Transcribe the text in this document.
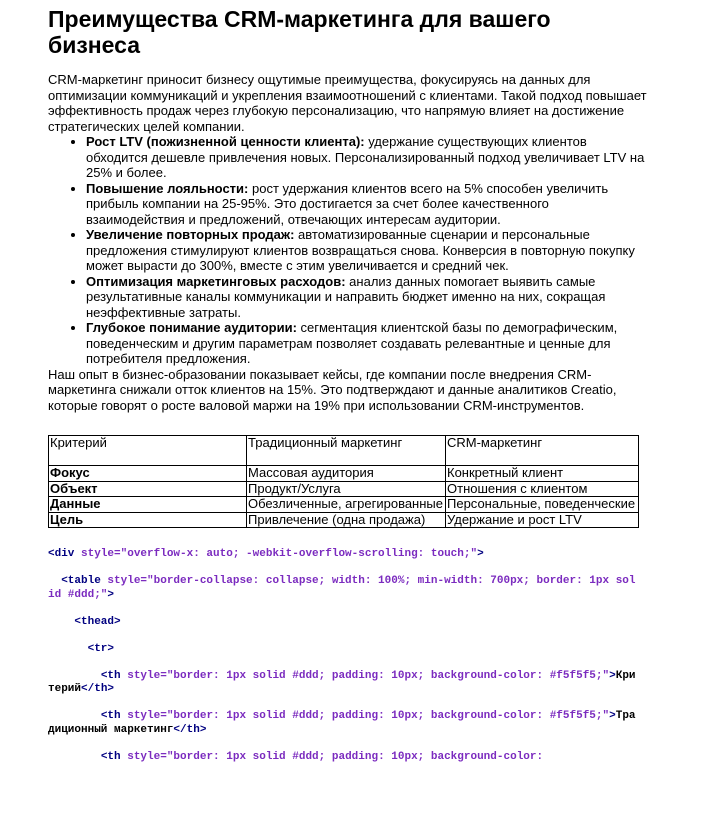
Преимущества CRM-маркетинга для вашего бизнеса

CRM-маркетинг приносит бизнесу ощутимые преимущества, фокусируясь на данных для оптимизации коммуникаций и укрепления взаимоотношений с клиентами. Такой подход повышает эффективность продаж через глубокую персонализацию, что напрямую влияет на достижение стратегических целей компании.

• Рост LTV (пожизненной ценности клиента): удержание существующих клиентов обходится дешевле привлечения новых. Персонализированный подход увеличивает LTV на 25% и более.
• Повышение лояльности: рост удержания клиентов всего на 5% способен увеличить прибыль компании на 25-95%. Это достигается за счет более качественного взаимодействия и предложений, отвечающих интересам аудитории.
• Увеличение повторных продаж: автоматизированные сценарии и персональные предложения стимулируют клиентов возвращаться снова. Конверсия в повторную покупку может вырасти до 300%, вместе с этим увеличивается и средний чек.
• Оптимизация маркетинговых расходов: анализ данных помогает выявить самые результативные каналы коммуникации и направить бюджет именно на них, сокращая неэффективные затраты.
• Глубокое понимание аудитории: сегментация клиентской базы по демографическим, поведенческим и другим параметрам позволяет создавать релевантные и ценные для потребителя предложения.

Наш опыт в бизнес-образовании показывает кейсы, где компании после внедрения CRM-маркетинга снижали отток клиентов на 15%. Это подтверждают и данные аналитиков Creatio, которые говорят о росте валовой маржи на 19% при использовании CRM-инструментов.

Критерий	Традиционный маркетинг	CRM-маркетинг
Фокус	Массовая аудитория	Конкретный клиент
Объект	Продукт/Услуга	Отношения с клиентом
Данные	Обезличенные, агрегированные	Персональные, поведенческие
Цель	Привлечение (одна продажа)	Удержание и рост LTV
<div style="overflow-x: auto; -webkit-overflow-scrolling: touch;">

<table style="border-collapse: collapse; width: 100%; min-width: 700px; border: 1px solid #ddd;">

<thead>

<tr>

<th style="border: 1px solid #ddd; padding: 10px; background-color: #f5f5f5;">Критерий</th>

<th style="border: 1px solid #ddd; padding: 10px; background-color: #f5f5f5;">Традиционный маркетинг</th>

<th style="border: 1px solid #ddd; padding: 10px; background-color:
